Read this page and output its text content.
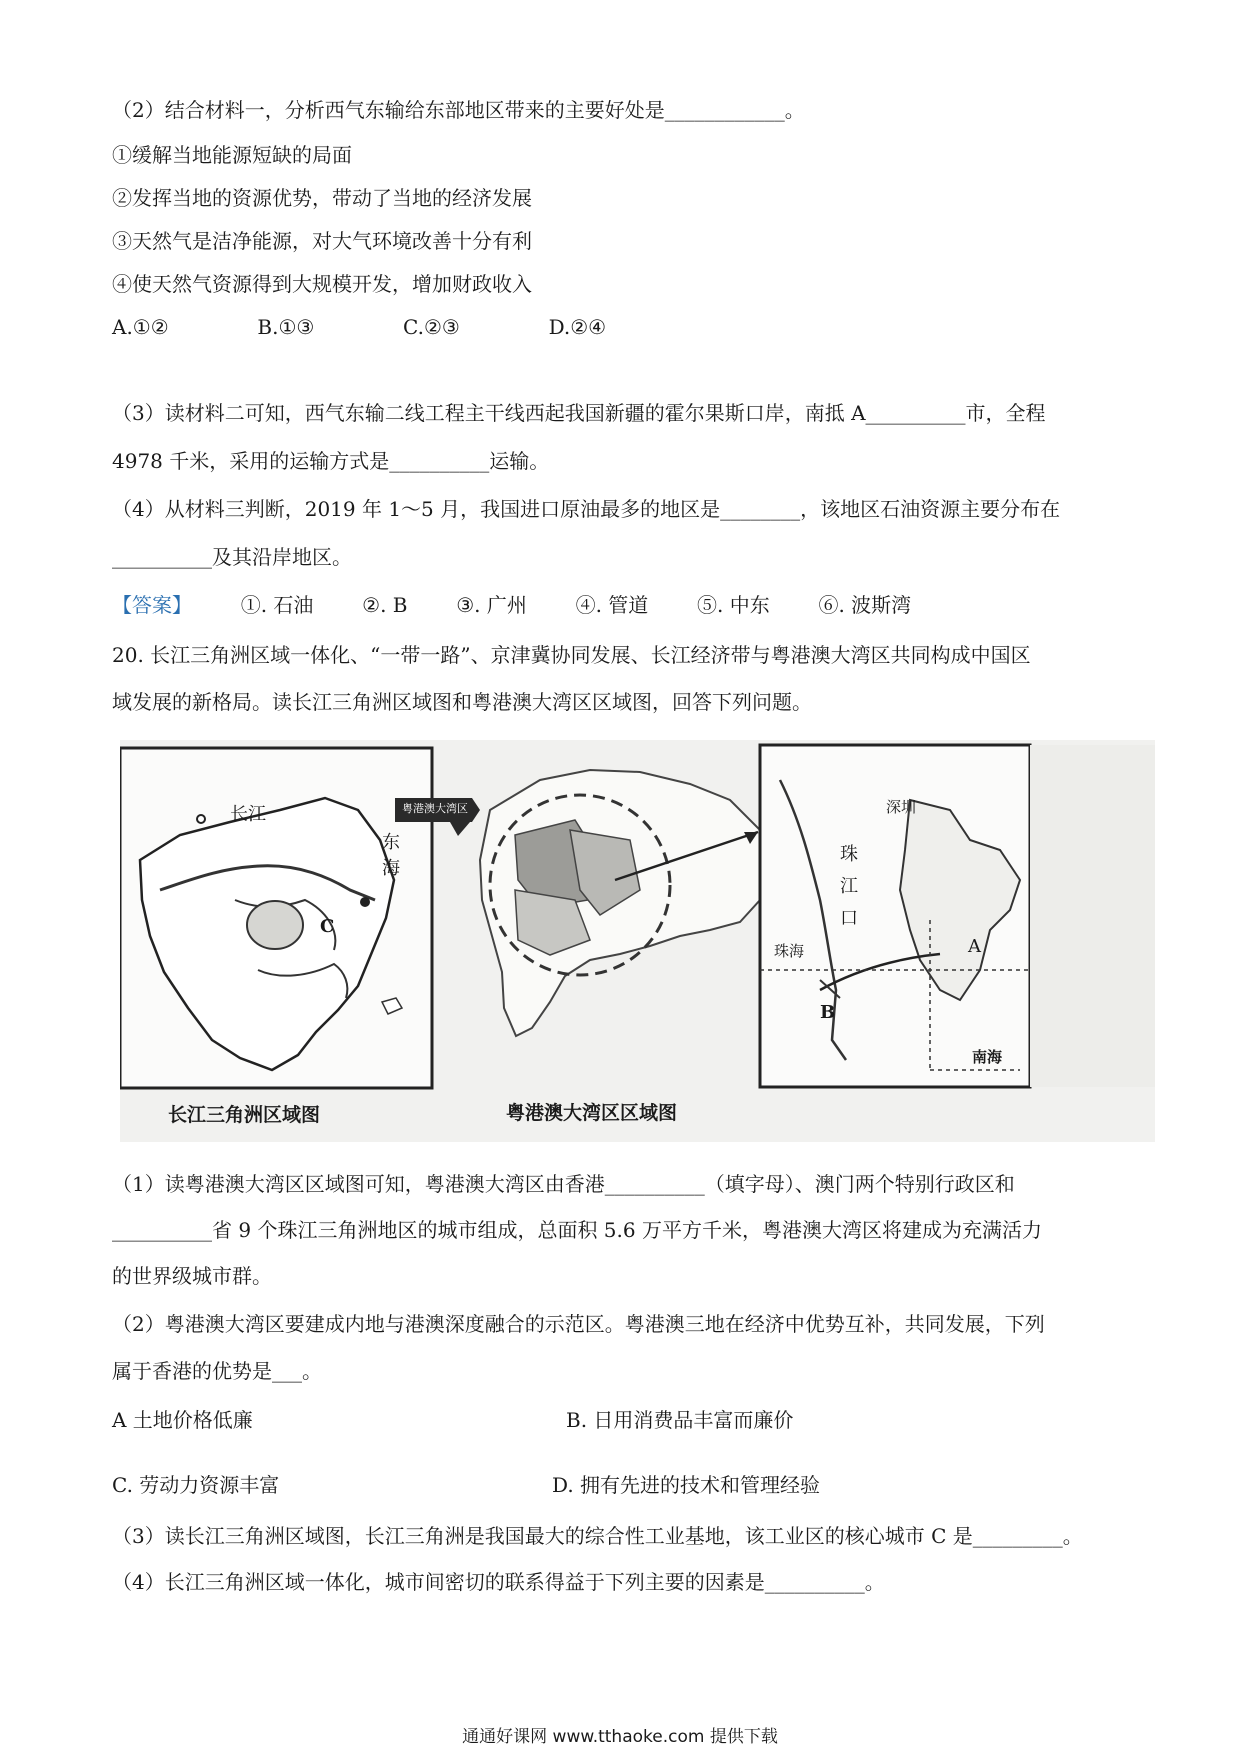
（2）结合材料一，分析西气东输给东部地区带来的主要好处是____________。
①缓解当地能源短缺的局面
②发挥当地的资源优势，带动了当地的经济发展
③天然气是洁净能源，对大气环境改善十分有利
④使天然气资源得到大规模开发，增加财政收入
A.①②	B.①③	C.②③	D.②④
（3）读材料二可知，西气东输二线工程主干线西起我国新疆的霍尔果斯口岸，南抵 A__________市，全程
4978 千米，采用的运输方式是__________运输。
（4）从材料三判断，2019 年 1～5 月，我国进口原油最多的地区是________，该地区石油资源主要分布在
__________及其沿岸地区。
【答案】 ①. 石油 ②. B ③. 广州 ④. 管道 ⑤. 中东 ⑥. 波斯湾
20. 长江三角洲区域一体化、“一带一路”、京津冀协同发展、长江经济带与粤港澳大湾区共同构成中国区
域发展的新格局。读长江三角洲区域图和粤港澳大湾区区域图，回答下列问题。
长江
东
海
C
长江三角洲区域图
粤港澳大湾区
粤港澳大湾区区域图
珠
江
口
深圳
珠海	A
B
南海
（1）读粤港澳大湾区区域图可知，粤港澳大湾区由香港__________（填字母）、澳门两个特别行政区和
__________省 9 个珠江三角洲地区的城市组成，总面积 5.6 万平方千米，粤港澳大湾区将建成为充满活力
的世界级城市群。
（2）粤港澳大湾区要建成内地与港澳深度融合的示范区。粤港澳三地在经济中优势互补，共同发展，下列
属于香港的优势是___。
A 土地价格低廉	B. 日用消费品丰富而廉价
C. 劳动力资源丰富	D. 拥有先进的技术和管理经验
（3）读长江三角洲区域图，长江三角洲是我国最大的综合性工业基地，该工业区的核心城市 C 是_________。
（4）长江三角洲区域一体化，城市间密切的联系得益于下列主要的因素是__________。
通通好课网 www.tthaoke.com 提供下载
